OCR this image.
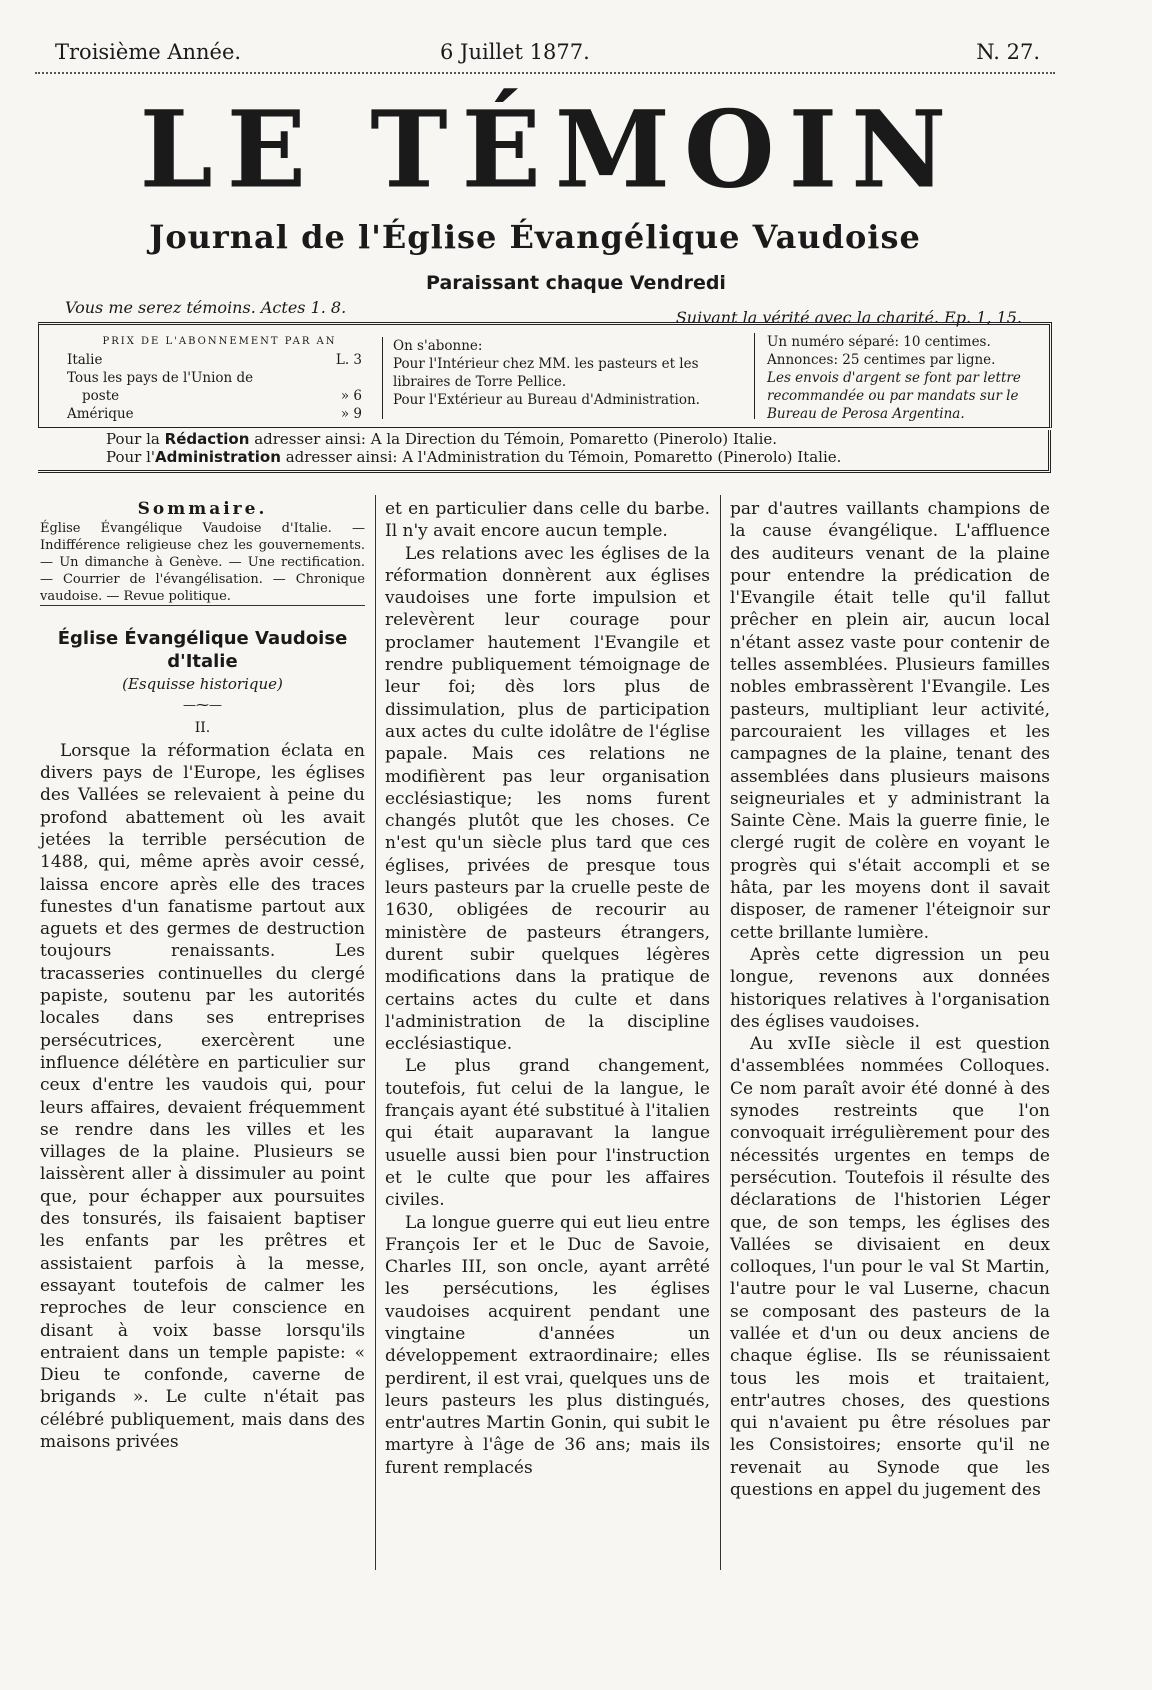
Troisième Année.	6 Juillet 1877.	N. 27.
LE TÉMOIN
Journal de l'Église Évangélique Vaudoise
Paraissant chaque Vendredi
Vous me serez témoins. Actes 1. 8.
Suivant la vérité avec la charité. Ep. 1, 15.
PRIX DE L'ABONNEMENT PAR AN
Italie	L. 3
Tous les pays de l'Union de
poste	» 6
Amérique	» 9
On s'abonne:
Pour l'Intérieur chez MM. les pasteurs et les libraires de Torre Pellice.
Pour l'Extérieur au Bureau d'Administration.
Un numéro séparé: 10 centimes.
Annonces: 25 centimes par ligne.
Les envois d'argent se font par lettre recommandée ou par mandats sur le Bureau de Perosa Argentina.
Pour la Rédaction adresser ainsi: A la Direction du Témoin, Pomaretto (Pinerolo) Italie.
Pour l'Administration adresser ainsi: A l'Administration du Témoin, Pomaretto (Pinerolo) Italie.

Sommaire.

Église Évangélique Vaudoise d'Italie. — Indifférence religieuse chez les gouvernements. — Un dimanche à Genève. — Une rectification. — Courrier de l'évangélisation. — Chronique vaudoise. — Revue politique.

Église Évangélique Vaudoise d'Italie

(Esquisse historique)

—⁓—

II.

Lorsque la réformation éclata en divers pays de l'Europe, les églises des Vallées se relevaient à peine du profond abattement où les avait jetées la terrible persécution de 1488, qui, même après avoir cessé, laissa encore après elle des traces funestes d'un fanatisme partout aux aguets et des germes de destruction toujours renaissants. Les tracasseries continuelles du clergé papiste, soutenu par les autorités locales dans ses entreprises persécutrices, exercèrent une influence délétère en particulier sur ceux d'entre les vaudois qui, pour leurs affaires, devaient fréquemment se rendre dans les villes et les villages de la plaine. Plusieurs se laissèrent aller à dissimuler au point que, pour échapper aux poursuites des tonsurés, ils faisaient baptiser les enfants par les prêtres et assistaient parfois à la messe, essayant toutefois de calmer les reproches de leur conscience en disant à voix basse lorsqu'ils entraient dans un temple papiste: « Dieu te confonde, caverne de brigands ». Le culte n'était pas célébré publiquement, mais dans des maisons privées

et en particulier dans celle du barbe. Il n'y avait encore aucun temple.

Les relations avec les églises de la réformation donnèrent aux églises vaudoises une forte impulsion et relevèrent leur courage pour proclamer hautement l'Evangile et rendre publiquement témoignage de leur foi; dès lors plus de dissimulation, plus de participation aux actes du culte idolâtre de l'église papale. Mais ces relations ne modifièrent pas leur organisation ecclésiastique; les noms furent changés plutôt que les choses. Ce n'est qu'un siècle plus tard que ces églises, privées de presque tous leurs pasteurs par la cruelle peste de 1630, obligées de recourir au ministère de pasteurs étrangers, durent subir quelques légères modifications dans la pratique de certains actes du culte et dans l'administration de la discipline ecclésiastique.

Le plus grand changement, toutefois, fut celui de la langue, le français ayant été substitué à l'italien qui était auparavant la langue usuelle aussi bien pour l'instruction et le culte que pour les affaires civiles.

La longue guerre qui eut lieu entre François Ier et le Duc de Savoie, Charles III, son oncle, ayant arrêté les persécutions, les églises vaudoises acquirent pendant une vingtaine d'années un développement extraordinaire; elles perdirent, il est vrai, quelques uns de leurs pasteurs les plus distingués, entr'autres Martin Gonin, qui subit le martyre à l'âge de 36 ans; mais ils furent remplacés

par d'autres vaillants champions de la cause évangélique. L'affluence des auditeurs venant de la plaine pour entendre la prédication de l'Evangile était telle qu'il fallut prêcher en plein air, aucun local n'étant assez vaste pour contenir de telles assemblées. Plusieurs familles nobles embrassèrent l'Evangile. Les pasteurs, multipliant leur activité, parcouraient les villages et les campagnes de la plaine, tenant des assemblées dans plusieurs maisons seigneuriales et y administrant la Sainte Cène. Mais la guerre finie, le clergé rugit de colère en voyant le progrès qui s'était accompli et se hâta, par les moyens dont il savait disposer, de ramener l'éteignoir sur cette brillante lumière.

Après cette digression un peu longue, revenons aux données historiques relatives à l'organisation des églises vaudoises.

Au xvIIe siècle il est question d'assemblées nommées Colloques. Ce nom paraît avoir été donné à des synodes restreints que l'on convoquait irrégulièrement pour des nécessités urgentes en temps de persécution. Toutefois il résulte des déclarations de l'historien Léger que, de son temps, les églises des Vallées se divisaient en deux colloques, l'un pour le val St Martin, l'autre pour le val Luserne, chacun se composant des pasteurs de la vallée et d'un ou deux anciens de chaque église. Ils se réunissaient tous les mois et traitaient, entr'autres choses, des questions qui n'avaient pu être résolues par les Consistoires; ensorte qu'il ne revenait au Synode que les questions en appel du jugement des
